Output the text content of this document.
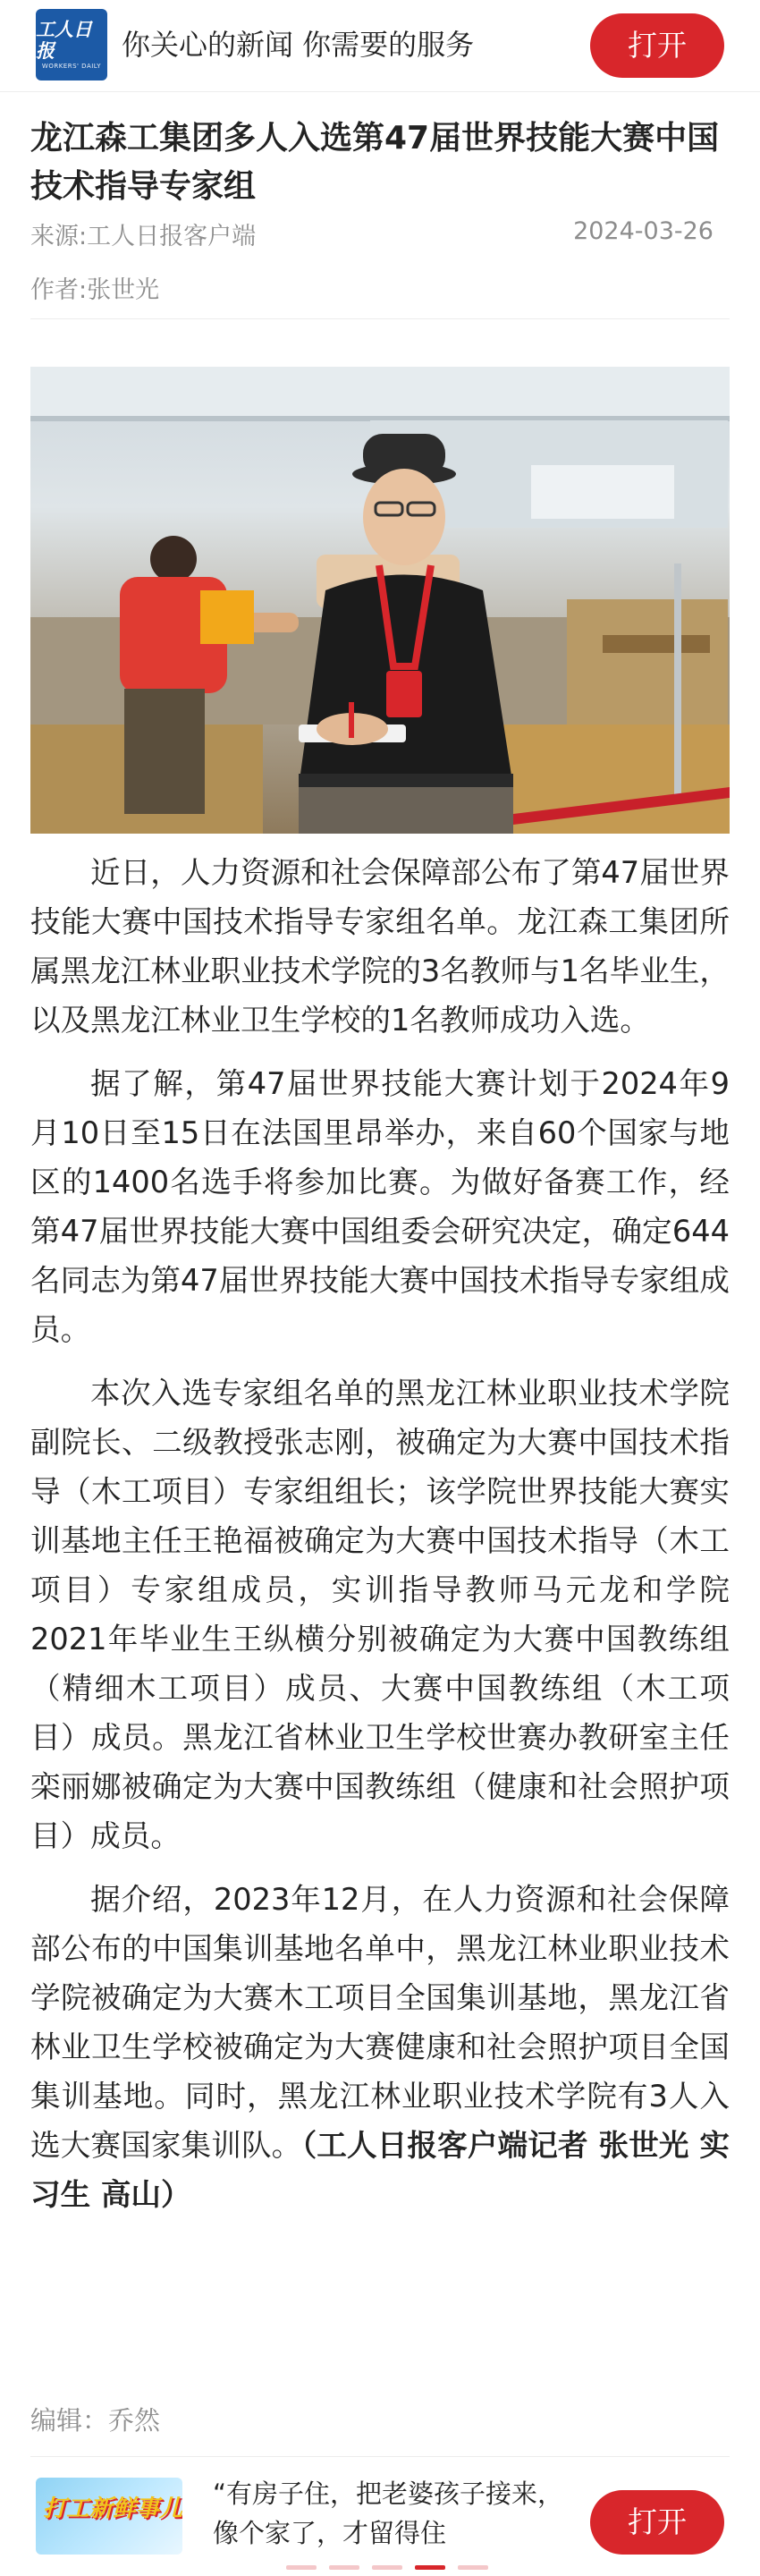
工人日报
WORKERS' DAILY
你关心的新闻 你需要的服务	打开
龙江森工集团多人入选第47届世界技能大赛中国技术指导专家组
来源:工人日报客户端	2024-03-26
作者:张世光

近日，人力资源和社会保障部公布了第47届世界技能大赛中国技术指导专家组名单。龙江森工集团所属黑龙江林业职业技术学院的3名教师与1名毕业生，以及黑龙江林业卫生学校的1名教师成功入选。

据了解，第47届世界技能大赛计划于2024年9月10日至15日在法国里昂举办，来自60个国家与地区的1400名选手将参加比赛。为做好备赛工作，经第47届世界技能大赛中国组委会研究决定，确定644名同志为第47届世界技能大赛中国技术指导专家组成员。

本次入选专家组名单的黑龙江林业职业技术学院副院长、二级教授张志刚，被确定为大赛中国技术指导（木工项目）专家组组长；该学院世界技能大赛实训基地主任王艳福被确定为大赛中国技术指导（木工项目）专家组成员，实训指导教师马元龙和学院2021年毕业生王纵横分别被确定为大赛中国教练组（精细木工项目）成员、大赛中国教练组（木工项目）成员。黑龙江省林业卫生学校世赛办教研室主任栾丽娜被确定为大赛中国教练组（健康和社会照护项目）成员。

据介绍，2023年12月，在人力资源和社会保障部公布的中国集训基地名单中，黑龙江林业职业技术学院被确定为大赛木工项目全国集训基地，黑龙江省林业卫生学校被确定为大赛健康和社会照护项目全国集训基地。同时，黑龙江林业职业技术学院有3人入选大赛国家集训队。（工人日报客户端记者 张世光 实习生 高山）

编辑：乔然
打工新鲜事儿 “有房子住，把老婆孩子接来，像个家了，才留得住	打开
